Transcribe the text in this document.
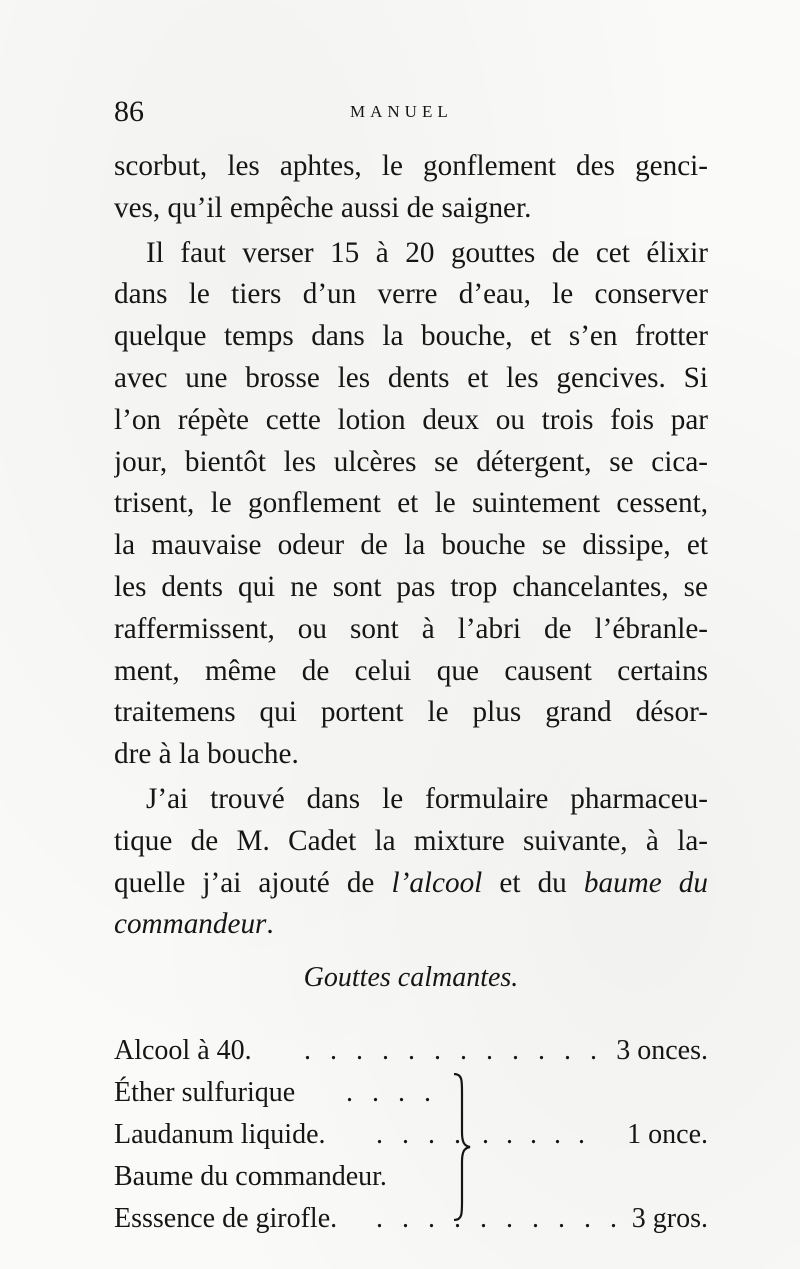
86	MANUEL
scorbut, les aphtes, le gonflement des genci-
ves, qu’il empêche aussi de saigner.
Il faut verser 15 à 20 gouttes de cet élixir
dans le tiers d’un verre d’eau, le conserver
quelque temps dans la bouche, et s’en frotter
avec une brosse les dents et les gencives. Si
l’on répète cette lotion deux ou trois fois par
jour, bientôt les ulcères se détergent, se cica-
trisent, le gonflement et le suintement cessent,
la mauvaise odeur de la bouche se dissipe, et
les dents qui ne sont pas trop chancelantes, se
raffermissent, ou sont à l’abri de l’ébranle-
ment, même de celui que causent certains
traitemens qui portent le plus grand désor-
dre à la bouche.
J’ai trouvé dans le formulaire pharmaceu-
tique de M. Cadet la mixture suivante, à la-
quelle j’ai ajouté de l’alcool et du baume du
commandeur.
Gouttes calmantes.
Alcool à 40. . . . . . . . . . . . . 3 onces.
Éther sulfurique . . . .
Laudanum liquide. . . . .
Baume du commandeur.
Esssence de girofle. . . . . . . . . . . 3 gros.
. . . . . 1 once.
